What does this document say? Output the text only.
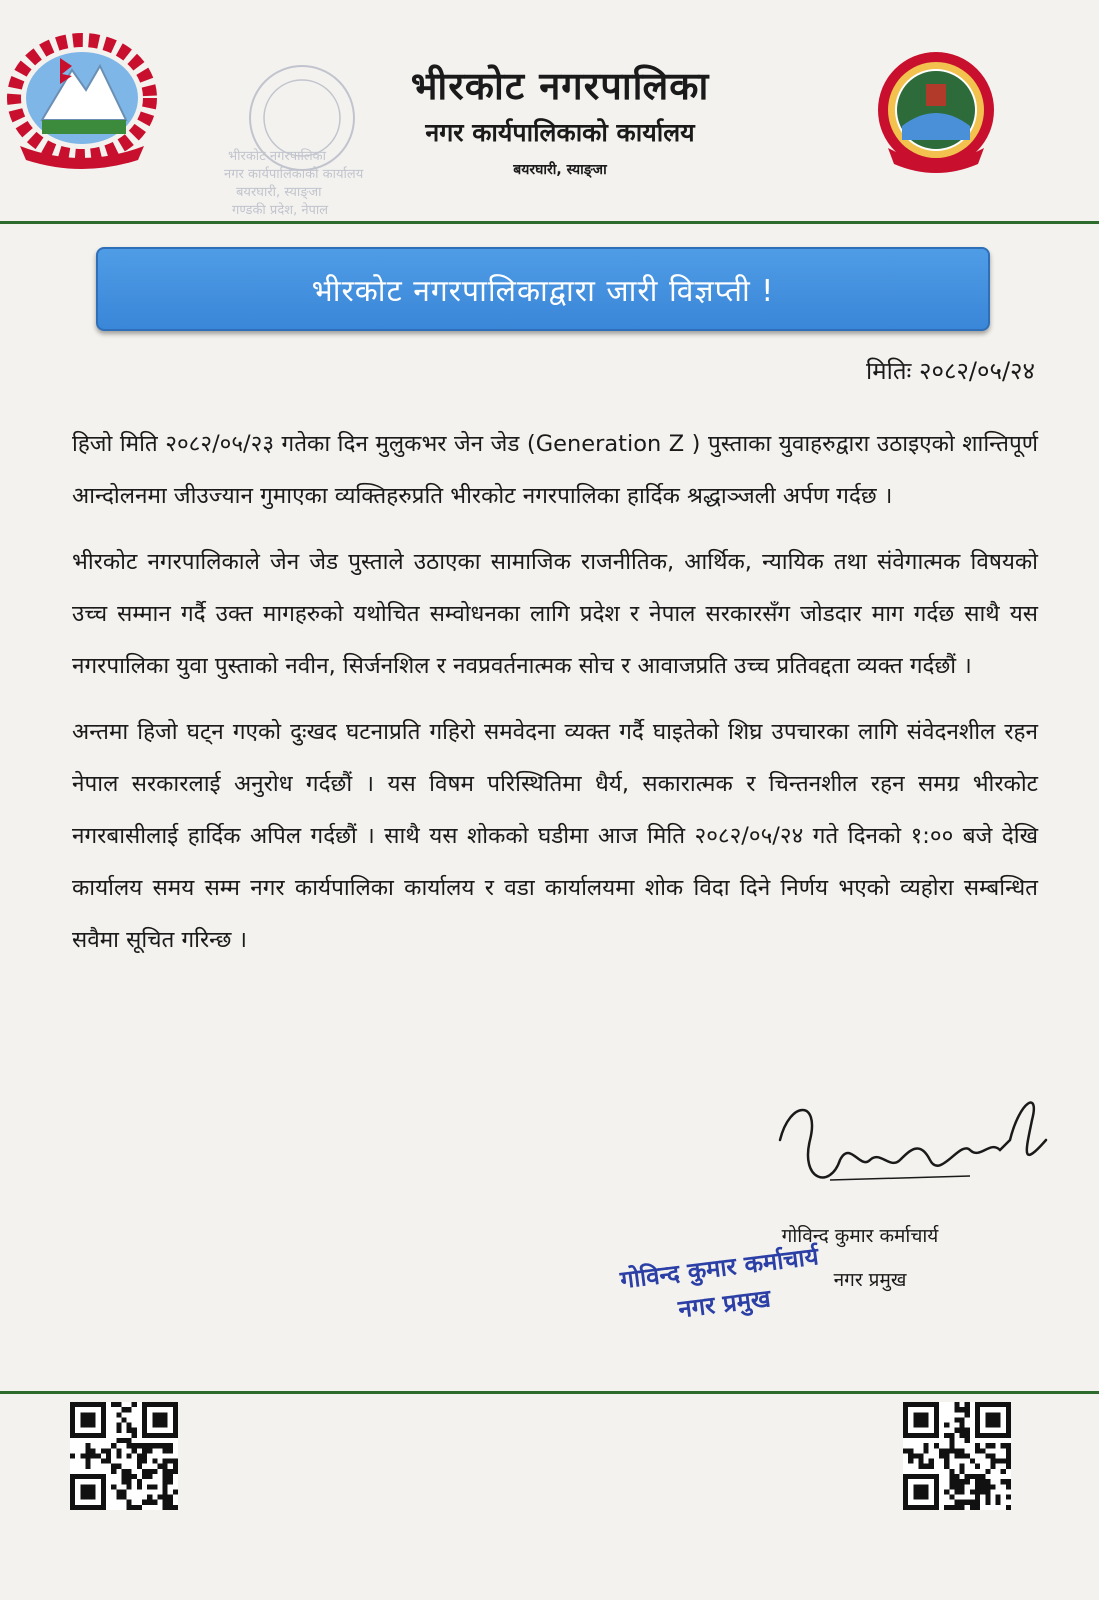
भीरकोट नगरपालिका
नगर कार्यपालिकाको कार्यालय
बयरघारी, स्याङ्जा
गण्डकी प्रदेश, नेपाल
भीरकोट नगरपालिका
नगर कार्यपालिकाको कार्यालय
बयरघारी, स्याङ्जा
भीरकोट नगरपालिकाद्वारा जारी विज्ञप्ती !
मितिः २०८२/०५/२४

हिजो मिति २०८२/०५/२३ गतेका दिन मुलुकभर जेन जेड (Generation Z ) पुस्ताका युवाहरुद्वारा उठाइएको शान्तिपूर्ण आन्दोलनमा जीउज्यान गुमाएका व्यक्तिहरुप्रति भीरकोट नगरपालिका हार्दिक श्रद्धाञ्जली अर्पण गर्दछ ।

भीरकोट नगरपालिकाले जेन जेड पुस्ताले उठाएका सामाजिक राजनीतिक, आर्थिक, न्यायिक तथा संवेगात्मक विषयको उच्च सम्मान गर्दै उक्त मागहरुको यथोचित सम्वोधनका लागि प्रदेश र नेपाल सरकारसँग जोडदार माग गर्दछ साथै यस नगरपालिका युवा पुस्ताको नवीन, सिर्जनशिल र नवप्रवर्तनात्मक सोच र आवाजप्रति उच्च प्रतिवद्दता व्यक्त गर्दछौं ।

अन्तमा हिजो घट्न गएको दुःखद घटनाप्रति गहिरो समवेदना व्यक्त गर्दै घाइतेको शिघ्र उपचारका लागि संवेदनशील रहन नेपाल सरकारलाई अनुरोध गर्दछौं । यस विषम परिस्थितिमा धैर्य, सकारात्मक र चिन्तनशील रहन समग्र भीरकोट नगरबासीलाई हार्दिक अपिल गर्दछौं । साथै यस शोकको घडीमा आज मिति २०८२/०५/२४ गते दिनको १:०० बजे देखि कार्यालय समय सम्म नगर कार्यपालिका कार्यालय र वडा कार्यालयमा शोक विदा दिने निर्णय भएको व्यहोरा सम्बन्धित सवैमा सूचित गरिन्छ ।

गोविन्द कुमार कर्माचार्य
नगर प्रमुख
गोविन्द कुमार कर्माचार्य
नगर प्रमुख
